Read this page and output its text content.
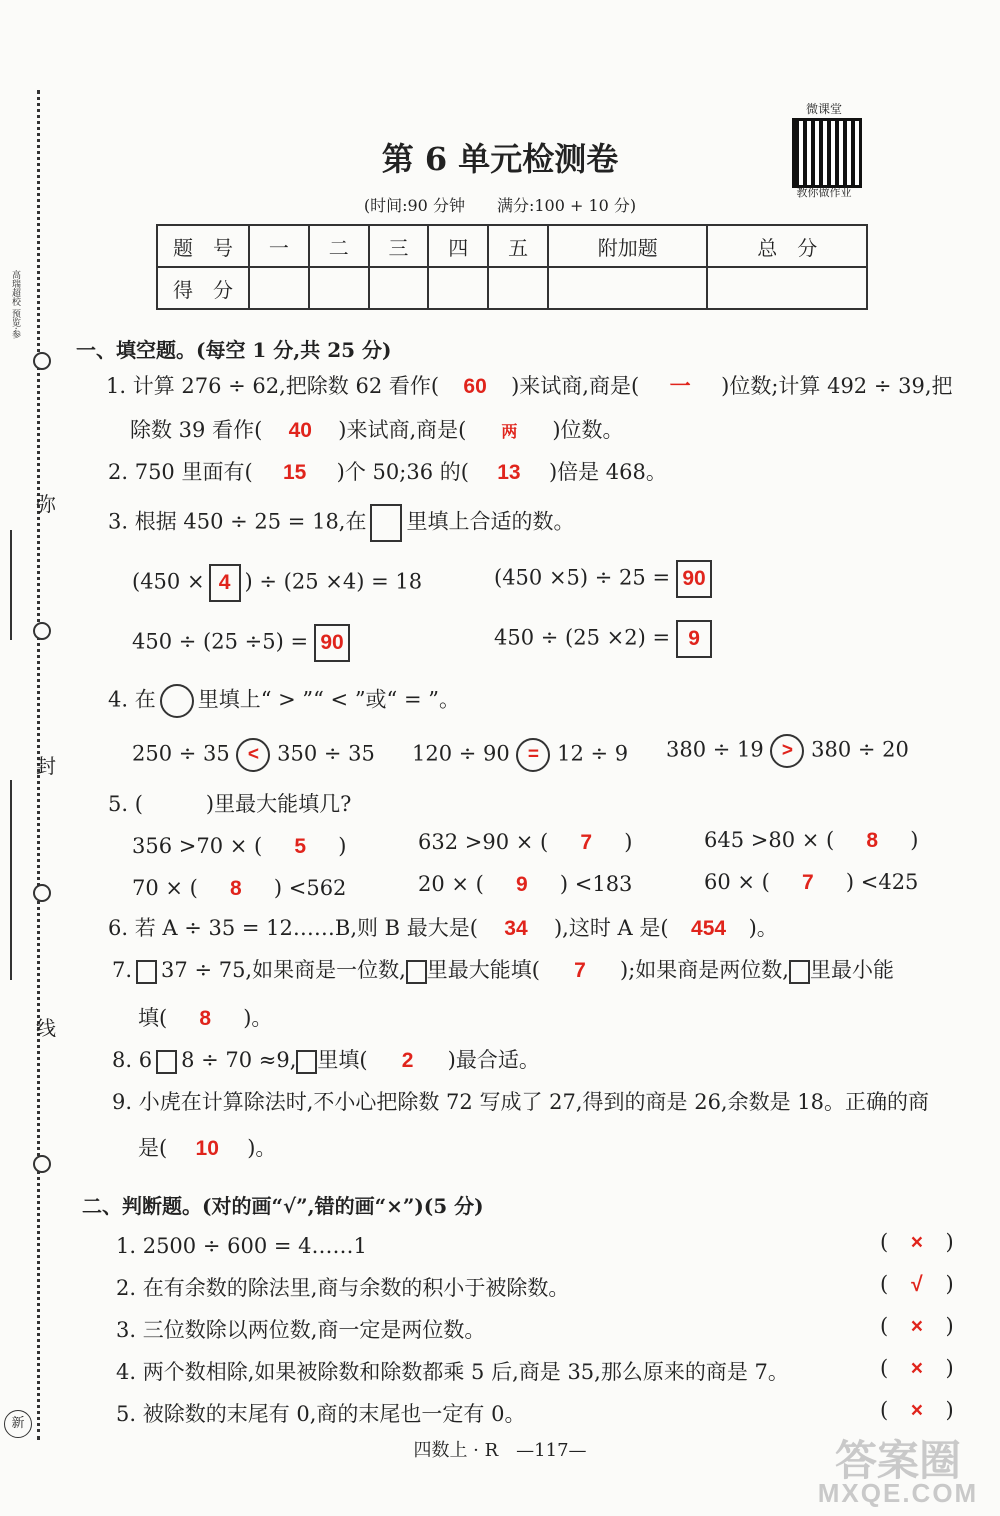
弥
封
线
高瑞超校 预览·参
新
第 6 单元检测卷
(时间:90 分钟　　满分:100 + 10 分)
微课堂
教你做作业
题　号	一	二	三	四	五	附加题	总　分
得　分							
一、填空题。(每空 1 分,共 25 分)
1. 计算 276 ÷ 62,把除数 62 看作( 60 )来试商,商是( 一 )位数;计算 492 ÷ 39,把
除数 39 看作( 40 )来试商,商是( 两 )位数。
2. 750 里面有( 15 )个 50;36 的( 13 )倍是 468。
3. 根据 450 ÷ 25 = 18,在 里填上合适的数。
(450 × 4 ) ÷ (25 ×4) = 18	(450 ×5) ÷ 25 = 90
450 ÷ (25 ÷5) = 90	450 ÷ (25 ×2) = 9
4. 在 里填上“ > ”“ < ”或“ = ”。
250 ÷ 35 < 350 ÷ 35 120 ÷ 90 = 12 ÷ 9 380 ÷ 19 > 380 ÷ 20
5. (　　　)里最大能填几?
356 >70 × ( 5 )	632 >90 × ( 7 )	645 >80 × ( 8 )
70 × ( 8 ) <562	20 × ( 9 ) <183	60 × ( 7 ) <425
6. 若 A ÷ 35 = 12……B,则 B 最大是( 34 ),这时 A 是( 454 )。
7. 37 ÷ 75,如果商是一位数, 里最大能填( 7 );如果商是两位数, 里最小能
填( 8 )。
8. 6 8 ÷ 70 ≈9, 里填( 2 )最合适。
9. 小虎在计算除法时,不小心把除数 72 写成了 27,得到的商是 26,余数是 18。正确的商
是( 10 )。
二、判断题。(对的画“√”,错的画“×”)(5 分)
1. 2500 ÷ 600 = 4……1	( × )
2. 在有余数的除法里,商与余数的积小于被除数。	( √ )
3. 三位数除以两位数,商一定是两位数。	( × )
4. 两个数相除,如果被除数和除数都乘 5 后,商是 35,那么原来的商是 7。	( × )
5. 被除数的末尾有 0,商的末尾也一定有 0。	( × )
四数上 · R　—117—	答案圈
MXQE.COM
